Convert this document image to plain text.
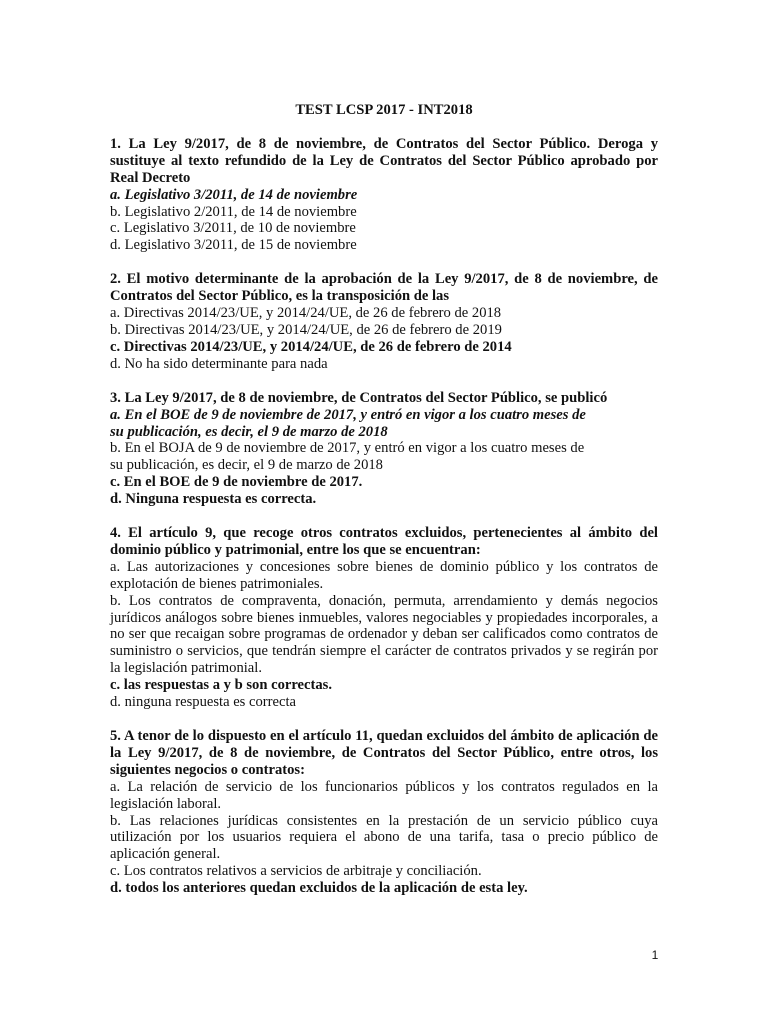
TEST LCSP 2017 - INT2018
1. La Ley 9/2017, de 8 de noviembre, de Contratos del Sector Público. Deroga y sustituye al texto refundido de la Ley de Contratos del Sector Público aprobado por Real Decreto
a. Legislativo 3/2011, de 14 de noviembre
b. Legislativo 2/2011, de 14 de noviembre
c. Legislativo 3/2011, de 10 de noviembre
d. Legislativo 3/2011, de 15 de noviembre
2. El motivo determinante de la aprobación de la Ley 9/2017, de 8 de noviembre, de Contratos del Sector Público, es la transposición de las
a. Directivas 2014/23/UE, y 2014/24/UE, de 26 de febrero de 2018
b. Directivas 2014/23/UE, y 2014/24/UE, de 26 de febrero de 2019
c. Directivas 2014/23/UE, y 2014/24/UE, de 26 de febrero de 2014
d. No ha sido determinante para nada
3. La Ley 9/2017, de 8 de noviembre, de Contratos del Sector Público, se publicó
a. En el BOE de 9 de noviembre de 2017, y entró en vigor a los cuatro meses de
su publicación, es decir, el 9 de marzo de 2018
b. En el BOJA de 9 de noviembre de 2017, y entró en vigor a los cuatro meses de
su publicación, es decir, el 9 de marzo de 2018
c. En el BOE de 9 de noviembre de 2017.
d. Ninguna respuesta es correcta.
4. El artículo 9, que recoge otros contratos excluidos, pertenecientes al ámbito del dominio público y patrimonial, entre los que se encuentran:
a. Las autorizaciones y concesiones sobre bienes de dominio público y los contratos de explotación de bienes patrimoniales.
b. Los contratos de compraventa, donación, permuta, arrendamiento y demás negocios jurídicos análogos sobre bienes inmuebles, valores negociables y propiedades incorporales, a no ser que recaigan sobre programas de ordenador y deban ser calificados como contratos de suministro o servicios, que tendrán siempre el carácter de contratos privados y se regirán por la legislación patrimonial.
c. las respuestas a y b son correctas.
d. ninguna respuesta es correcta
5. A tenor de lo dispuesto en el artículo 11, quedan excluidos del ámbito de aplicación de la Ley 9/2017, de 8 de noviembre, de Contratos del Sector Público, entre otros, los siguientes negocios o contratos:
a. La relación de servicio de los funcionarios públicos y los contratos regulados en la legislación laboral.
b. Las relaciones jurídicas consistentes en la prestación de un servicio público cuya utilización por los usuarios requiera el abono de una tarifa, tasa o precio público de aplicación general.
c. Los contratos relativos a servicios de arbitraje y conciliación.
d. todos los anteriores quedan excluidos de la aplicación de esta ley.
1
